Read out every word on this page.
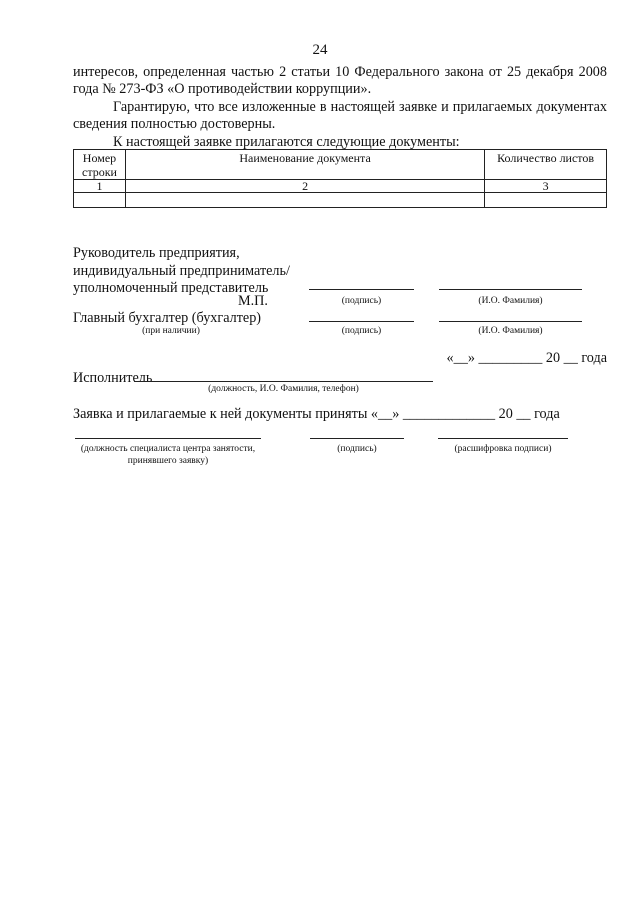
24
интересов, определенная частью 2 статьи 10 Федерального закона от 25 декабря 2008 года № 273-ФЗ «О противодействии коррупции».
Гарантирую, что все изложенные в настоящей заявке и прилагаемых документах сведения полностью достоверны.
К настоящей заявке прилагаются следующие документы:
Номер строки	Наименование документа	Количество листов
1	2	3

Руководитель предприятия,
индивидуальный предприниматель/
уполномоченный представитель
М.П.	(подпись)	(И.О. Фамилия)
Главный бухгалтер (бухгалтер)
(при наличии)	(подпись)	(И.О. Фамилия)
«__» _________ 20 __ года
Исполнитель
(должность, И.О. Фамилия, телефон)
Заявка и прилагаемые к ней документы приняты «__» _____________ 20 __ года
(должность специалиста центра занятости,
принявшего заявку)
(подпись)	(расшифровка подписи)
